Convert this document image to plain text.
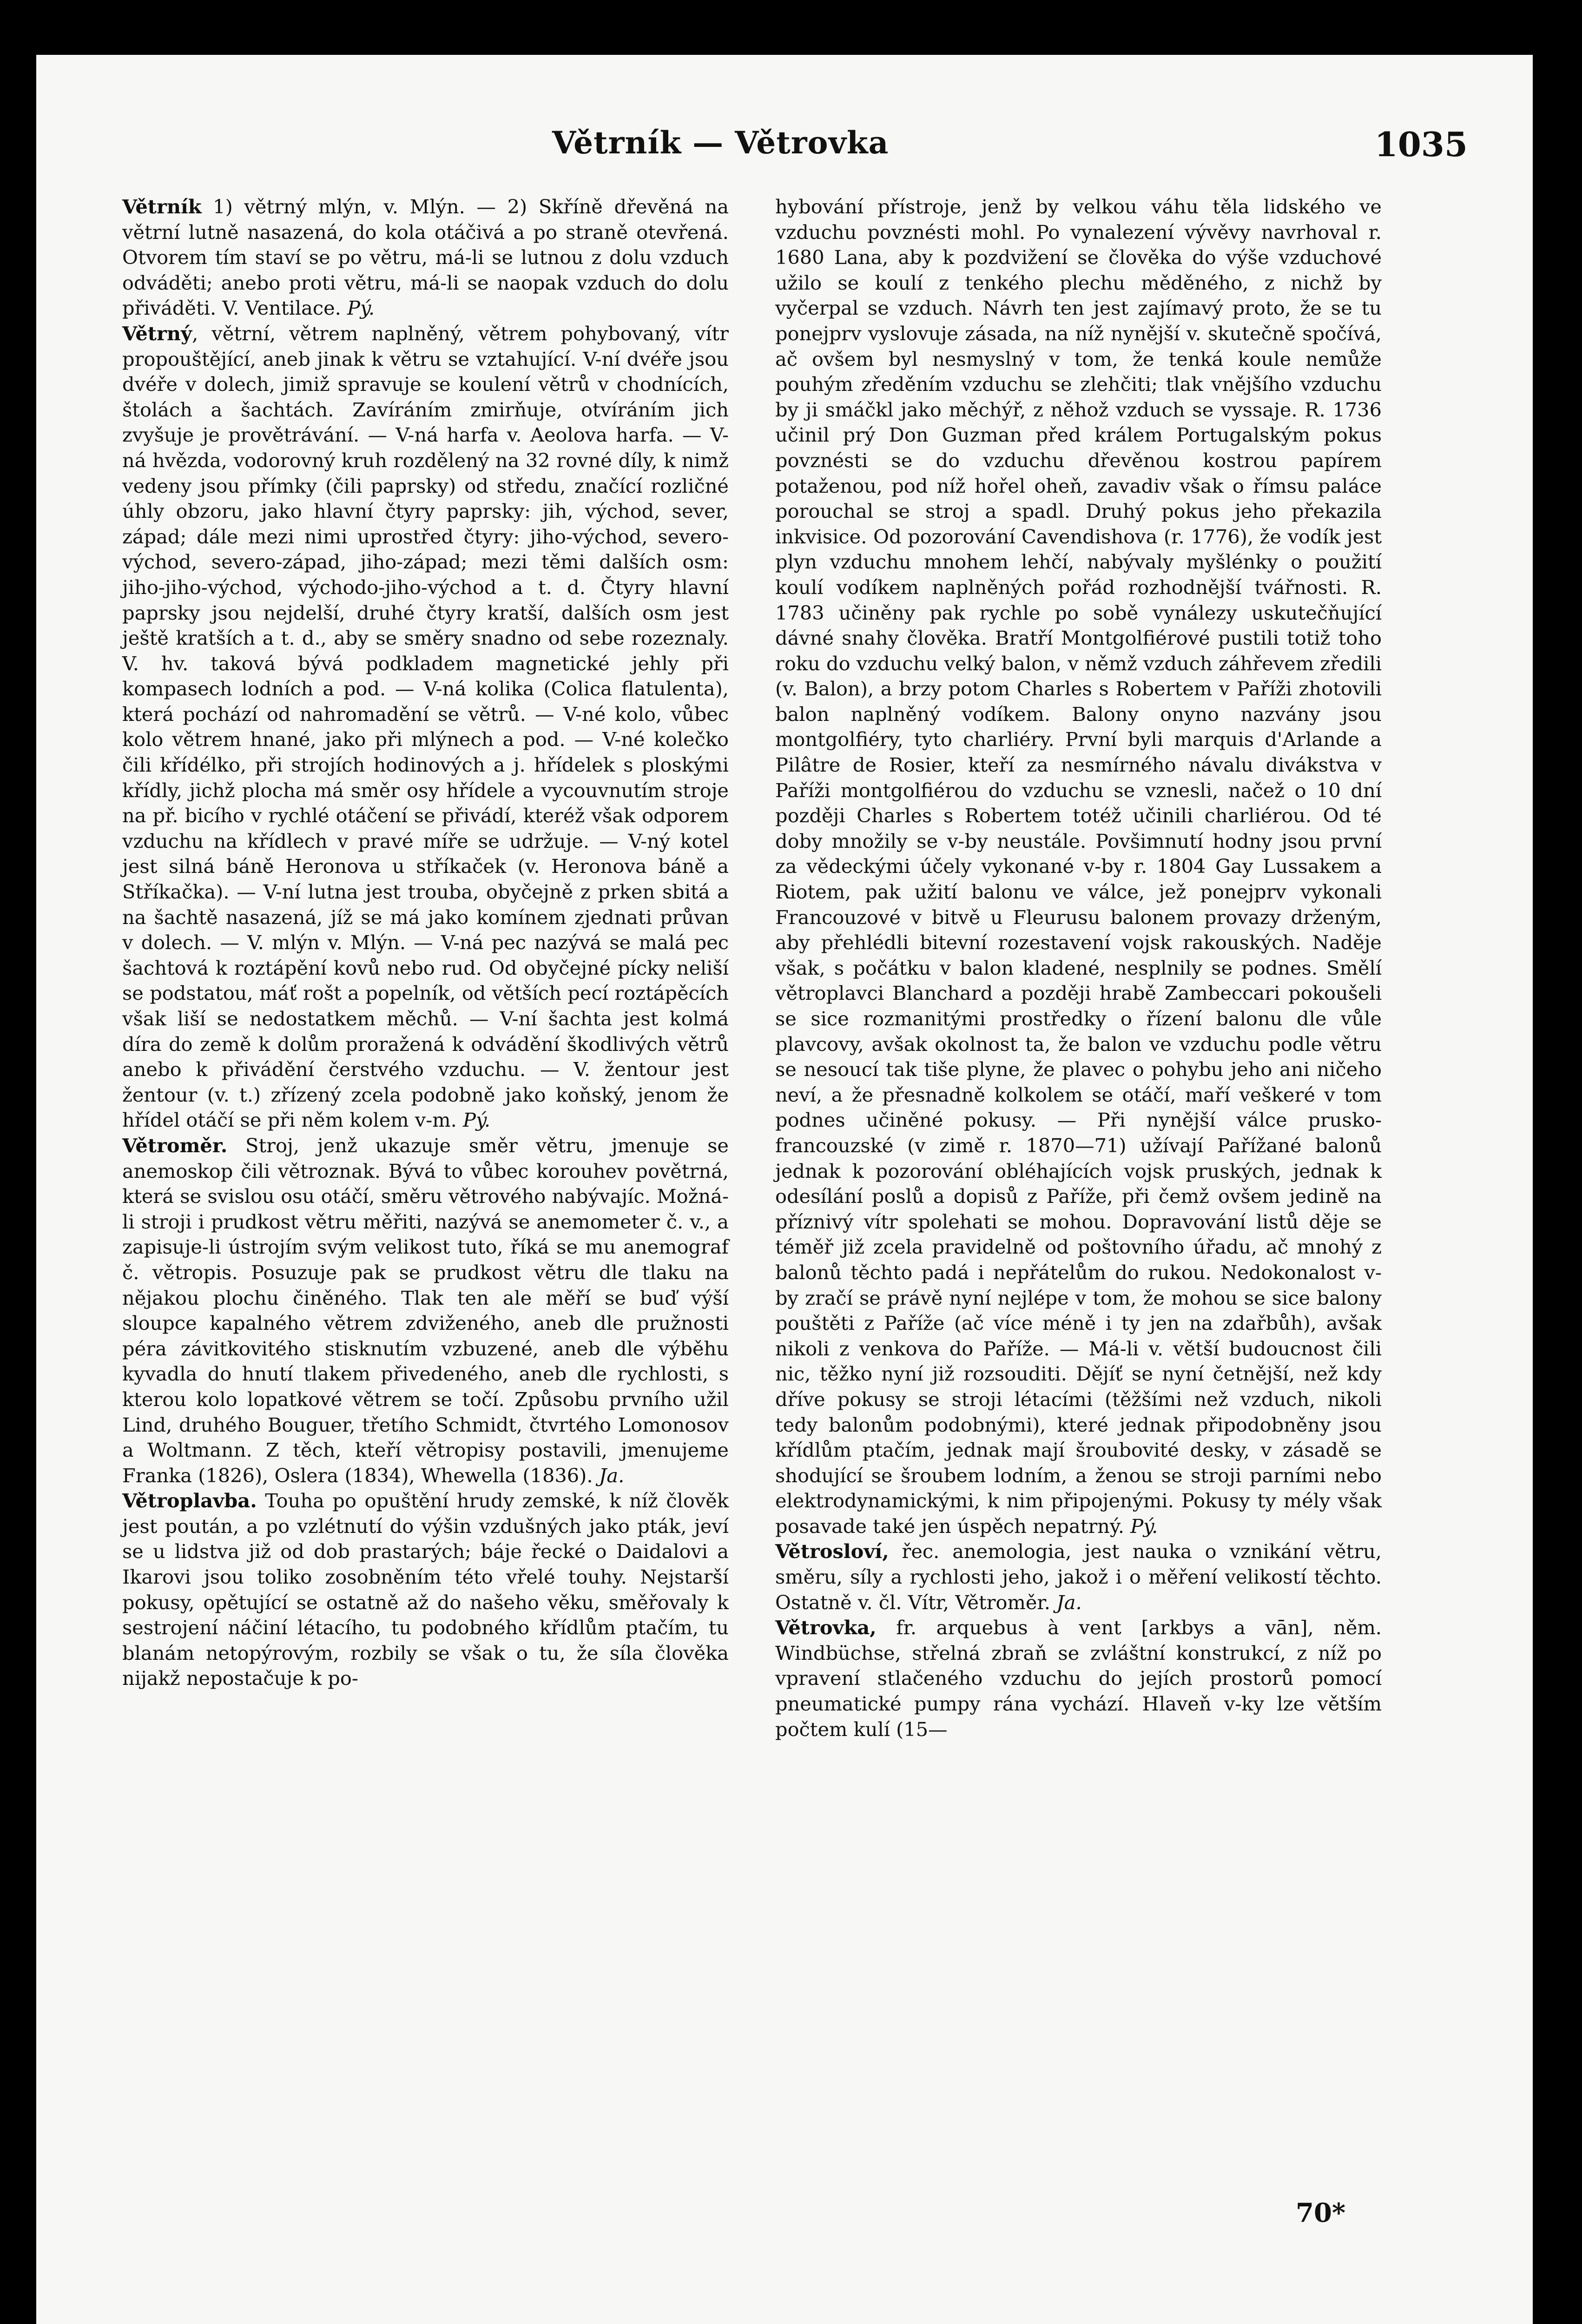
Větrník — Větrovka	1035

Větrník 1) větrný mlýn, v. Mlýn. — 2) Skříně dřevěná na větrní lutně nasazená, do kola otáčivá a po straně otevřená. Otvorem tím staví se po větru, má-li se lutnou z dolu vzduch odváděti; anebo proti větru, má-li se naopak vzduch do dolu přiváděti. V. Ventilace. Pý.

Větrný, větrní, větrem naplněný, větrem pohybovaný, vítr propouštějící, aneb jinak k větru se vztahující. V-ní dvéře jsou dvéře v dolech, jimiž spravuje se koulení větrů v chodnících, štolách a šachtách. Zavíráním zmirňuje, otvíráním jich zvyšuje je provětrávání. — V-ná harfa v. Aeolova harfa. — V-ná hvězda, vodorovný kruh rozdělený na 32 rovné díly, k nimž vedeny jsou přímky (čili paprsky) od středu, značící rozličné úhly obzoru, jako hlavní čtyry paprsky: jih, východ, sever, západ; dále mezi nimi uprostřed čtyry: jiho-východ, severo-východ, severo-západ, jiho-západ; mezi těmi dalších osm: jiho-jiho-východ, východo-jiho-východ a t. d. Čtyry hlavní paprsky jsou nejdelší, druhé čtyry kratší, dalších osm jest ještě kratších a t. d., aby se směry snadno od sebe rozeznaly. V. hv. taková bývá podkladem magnetické jehly při kompasech lodních a pod. — V-ná kolika (Colica flatulenta), která pochází od nahromadění se větrů. — V-né kolo, vůbec kolo větrem hnané, jako při mlýnech a pod. — V-né kolečko čili křídélko, při strojích hodinových a j. hřídelek s ploskými křídly, jichž plocha má směr osy hřídele a vycouvnutím stroje na př. bicího v rychlé otáčení se přivádí, kteréž však odporem vzduchu na křídlech v pravé míře se udržuje. — V-ný kotel jest silná báně Heronova u stříkaček (v. Heronova báně a Stříkačka). — V-ní lutna jest trouba, obyčejně z prken sbitá a na šachtě nasazená, jíž se má jako komínem zjednati průvan v dolech. — V. mlýn v. Mlýn. — V-ná pec nazývá se malá pec šachtová k roztápění kovů nebo rud. Od obyčejné pícky neliší se podstatou, máť rošt a popelník, od větších pecí roztápěcích však liší se nedostatkem měchů. — V-ní šachta jest kolmá díra do země k dolům proražená k odvádění škodlivých větrů anebo k přivádění čerstvého vzduchu. — V. žentour jest žentour (v. t.) zřízený zcela podobně jako koňský, jenom že hřídel otáčí se při něm kolem v-m. Pý.

Větroměr. Stroj, jenž ukazuje směr větru, jmenuje se anemoskop čili větroznak. Bývá to vůbec korouhev povětrná, která se svislou osu otáčí, směru větrového nabývajíc. Možná-li stroji i prudkost větru měřiti, nazývá se anemometer č. v., a zapisuje-li ústrojím svým velikost tuto, říká se mu anemograf č. větropis. Posuzuje pak se prudkost větru dle tlaku na nějakou plochu činěného. Tlak ten ale měří se buď výší sloupce kapalného větrem zdviženého, aneb dle pružnosti péra závitkovitého stisknutím vzbuzené, aneb dle výběhu kyvadla do hnutí tlakem přivedeného, aneb dle rychlosti, s kterou kolo lopatkové větrem se točí. Způsobu prvního užil Lind, druhého Bouguer, třetího Schmidt, čtvrtého Lomonosov a Woltmann. Z těch, kteří větropisy postavili, jmenujeme Franka (1826), Oslera (1834), Whewella (1836). Ja.

Větroplavba. Touha po opuštění hrudy zemské, k níž člověk jest poután, a po vzlétnutí do výšin vzdušných jako pták, jeví se u lidstva již od dob prastarých; báje řecké o Daidalovi a Ikarovi jsou toliko zosobněním této vřelé touhy. Nejstarší pokusy, opětující se ostatně až do našeho věku, směřovaly k sestrojení náčiní létacího, tu podobného křídlům ptačím, tu blanám netopýrovým, rozbily se však o tu, že síla člověka nijakž nepostačuje k po-

hybování přístroje, jenž by velkou váhu těla lidského ve vzduchu povznésti mohl. Po vynalezení vývěvy navrhoval r. 1680 Lana, aby k pozdvižení se člověka do výše vzduchové užilo se koulí z tenkého plechu měděného, z nichž by vyčerpal se vzduch. Návrh ten jest zajímavý proto, že se tu ponejprv vyslovuje zásada, na níž nynější v. skutečně spočívá, ač ovšem byl nesmyslný v tom, že tenká koule nemůže pouhým zředěním vzduchu se zlehčiti; tlak vnějšího vzduchu by ji smáčkl jako měchýř, z něhož vzduch se vyssaje. R. 1736 učinil prý Don Guzman před králem Portugalským pokus povznésti se do vzduchu dřevěnou kostrou papírem potaženou, pod níž hořel oheň, zavadiv však o římsu paláce porouchal se stroj a spadl. Druhý pokus jeho překazila inkvisice. Od pozorování Cavendishova (r. 1776), že vodík jest plyn vzduchu mnohem lehčí, nabývaly myšlénky o použití koulí vodíkem naplněných pořád rozhodnější tvářnosti. R. 1783 učiněny pak rychle po sobě vynálezy uskutečňující dávné snahy člověka. Bratří Montgolfiérové pustili totiž toho roku do vzduchu velký balon, v němž vzduch záhřevem zředili (v. Balon), a brzy potom Charles s Robertem v Paříži zhotovili balon naplněný vodíkem. Balony onyno nazvány jsou montgolfiéry, tyto charliéry. První byli marquis d'Arlande a Pilâtre de Rosier, kteří za nesmírného návalu divákstva v Paříži montgolfiérou do vzduchu se vznesli, načež o 10 dní později Charles s Robertem totéž učinili charliérou. Od té doby množily se v-by neustále. Povšimnutí hodny jsou první za vědeckými účely vykonané v-by r. 1804 Gay Lussakem a Riotem, pak užití balonu ve válce, jež ponejprv vykonali Francouzové v bitvě u Fleurusu balonem provazy drženým, aby přehlédli bitevní rozestavení vojsk rakouských. Naděje však, s počátku v balon kladené, nesplnily se podnes. Smělí větroplavci Blanchard a později hrabě Zambeccari pokoušeli se sice rozmanitými prostředky o řízení balonu dle vůle plavcovy, avšak okolnost ta, že balon ve vzduchu podle větru se nesoucí tak tiše plyne, že plavec o pohybu jeho ani ničeho neví, a že přesnadně kolkolem se otáčí, maří veškeré v tom podnes učiněné pokusy. — Při nynější válce prusko-francouzské (v zimě r. 1870—71) užívají Pařížané balonů jednak k pozorování obléhajících vojsk pruských, jednak k odesílání poslů a dopisů z Paříže, při čemž ovšem jedině na příznivý vítr spolehati se mohou. Dopravování listů děje se téměř již zcela pravidelně od poštovního úřadu, ač mnohý z balonů těchto padá i nepřátelům do rukou. Nedokonalost v-by zračí se právě nyní nejlépe v tom, že mohou se sice balony pouštěti z Paříže (ač více méně i ty jen na zdařbůh), avšak nikoli z venkova do Paříže. — Má-li v. větší budoucnost čili nic, těžko nyní již rozsouditi. Dějíť se nyní četnější, než kdy dříve pokusy se stroji létacími (těžšími než vzduch, nikoli tedy balonům podobnými), které jednak připodobněny jsou křídlům ptačím, jednak mají šroubovité desky, v zásadě se shodující se šroubem lodním, a ženou se stroji parními nebo elektrodynamickými, k nim připojenými. Pokusy ty mély však posavade také jen úspěch nepatrný. Pý.

Větrosloví, řec. anemologia, jest nauka o vznikání větru, směru, síly a rychlosti jeho, jakož i o měření velikostí těchto. Ostatně v. čl. Vítr, Větroměr. Ja.

Větrovka, fr. arquebus à vent [arkbys a vān], něm. Windbüchse, střelná zbraň se zvláštní konstrukcí, z níž po vpravení stlačeného vzduchu do jejích prostorů pomocí pneumatické pumpy rána vychází. Hlaveň v-ky lze větším počtem kulí (15—

70*
